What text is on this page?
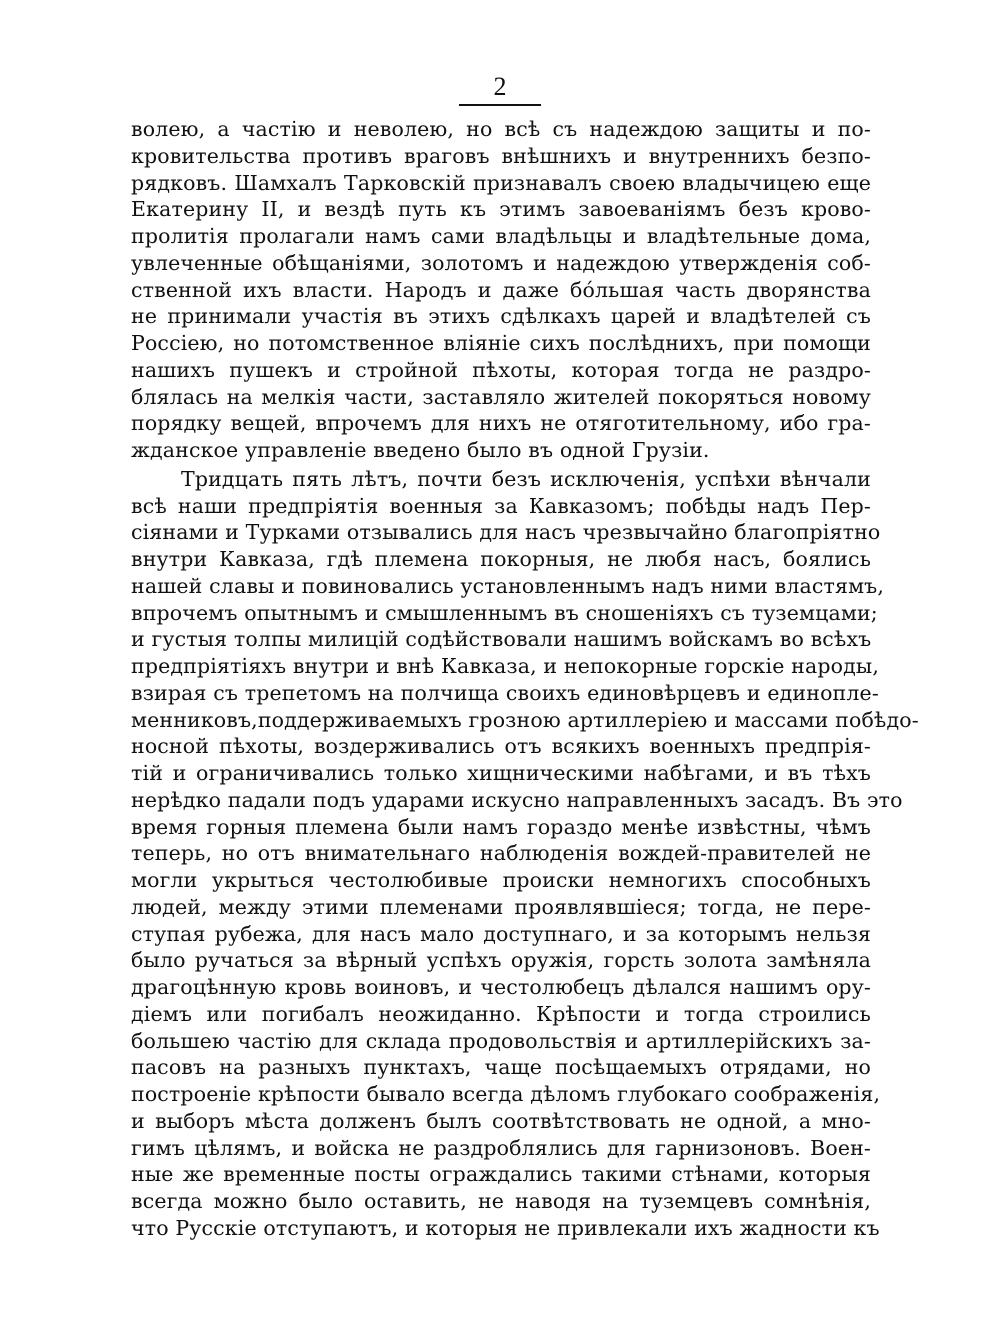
2
волею, а частію и неволею, но всѣ съ надеждою защиты и по-
кровительства противъ враговъ внѣшнихъ и внутреннихъ безпо-
рядковъ. Шамхалъ Тарковскій признавалъ своею владычицею еще
Екатерину II, и вездѣ путь къ этимъ завоеваніямъ безъ крово-
пролитія пролагали намъ сами владѣльцы и владѣтельные дома,
увлеченные обѣщаніями, золотомъ и надеждою утвержденія соб-
ственной ихъ власти. Народъ и даже бо́льшая часть дворянства
не принимали участія въ этихъ сдѣлкахъ царей и владѣтелей съ
Россіею, но потомственное вліяніе сихъ послѣднихъ, при помощи
нашихъ пушекъ и стройной пѣхоты, которая тогда не раздро-
блялась на мелкія части, заставляло жителей покоряться новому
порядку вещей, впрочемъ для нихъ не отяготительному, ибо гра-
жданское управленіе введено было въ одной Грузіи.
Тридцать пять лѣтъ, почти безъ исключенія, успѣхи вѣнчали
всѣ наши предпріятія военныя за Кавказомъ; побѣды надъ Пер-
сіянами и Турками отзывались для насъ чрезвычайно благопріятно
внутри Кавказа, гдѣ племена покорныя, не любя насъ, боялись
нашей славы и повиновались установленнымъ надъ ними властямъ,
впрочемъ опытнымъ и смышленнымъ въ сношеніяхъ съ туземцами;
и густыя толпы милицій содѣйствовали нашимъ войскамъ во всѣхъ
предпріятіяхъ внутри и внѣ Кавказа, и непокорные горскіе народы,
взирая съ трепетомъ на полчища своихъ единовѣрцевъ и единопле-
менниковъ,поддерживаемыхъ грозною артиллеріею и массами побѣдо-
носной пѣхоты, воздерживались отъ всякихъ военныхъ предпрія-
тій и ограничивались только хищническими набѣгами, и въ тѣхъ
нерѣдко падали подъ ударами искусно направленныхъ засадъ. Въ это
время горныя племена были намъ гораздо менѣе извѣстны, чѣмъ
теперь, но отъ внимательнаго наблюденія вождей-правителей не
могли укрыться честолюбивые происки немногихъ способныхъ
людей, между этими племенами проявлявшіеся; тогда, не пере-
ступая рубежа, для насъ мало доступнаго, и за которымъ нельзя
было ручаться за вѣрный успѣхъ оружія, горсть золота замѣняла
драгоцѣнную кровь воиновъ, и честолюбецъ дѣлался нашимъ ору-
діемъ или погибалъ неожиданно. Крѣпости и тогда строились
большею частію для склада продовольствія и артиллерійскихъ за-
пасовъ на разныхъ пунктахъ, чаще посѣщаемыхъ отрядами, но
построеніе крѣпости бывало всегда дѣломъ глубокаго соображенія,
и выборъ мѣста долженъ былъ соотвѣтствовать не одной, а мно-
гимъ цѣлямъ, и войска не раздроблялись для гарнизоновъ. Воен-
ные же временные посты ограждались такими стѣнами, которыя
всегда можно было оставить, не наводя на туземцевъ сомнѣнія,
что Русскіе отступаютъ, и которыя не привлекали ихъ жадности къ
